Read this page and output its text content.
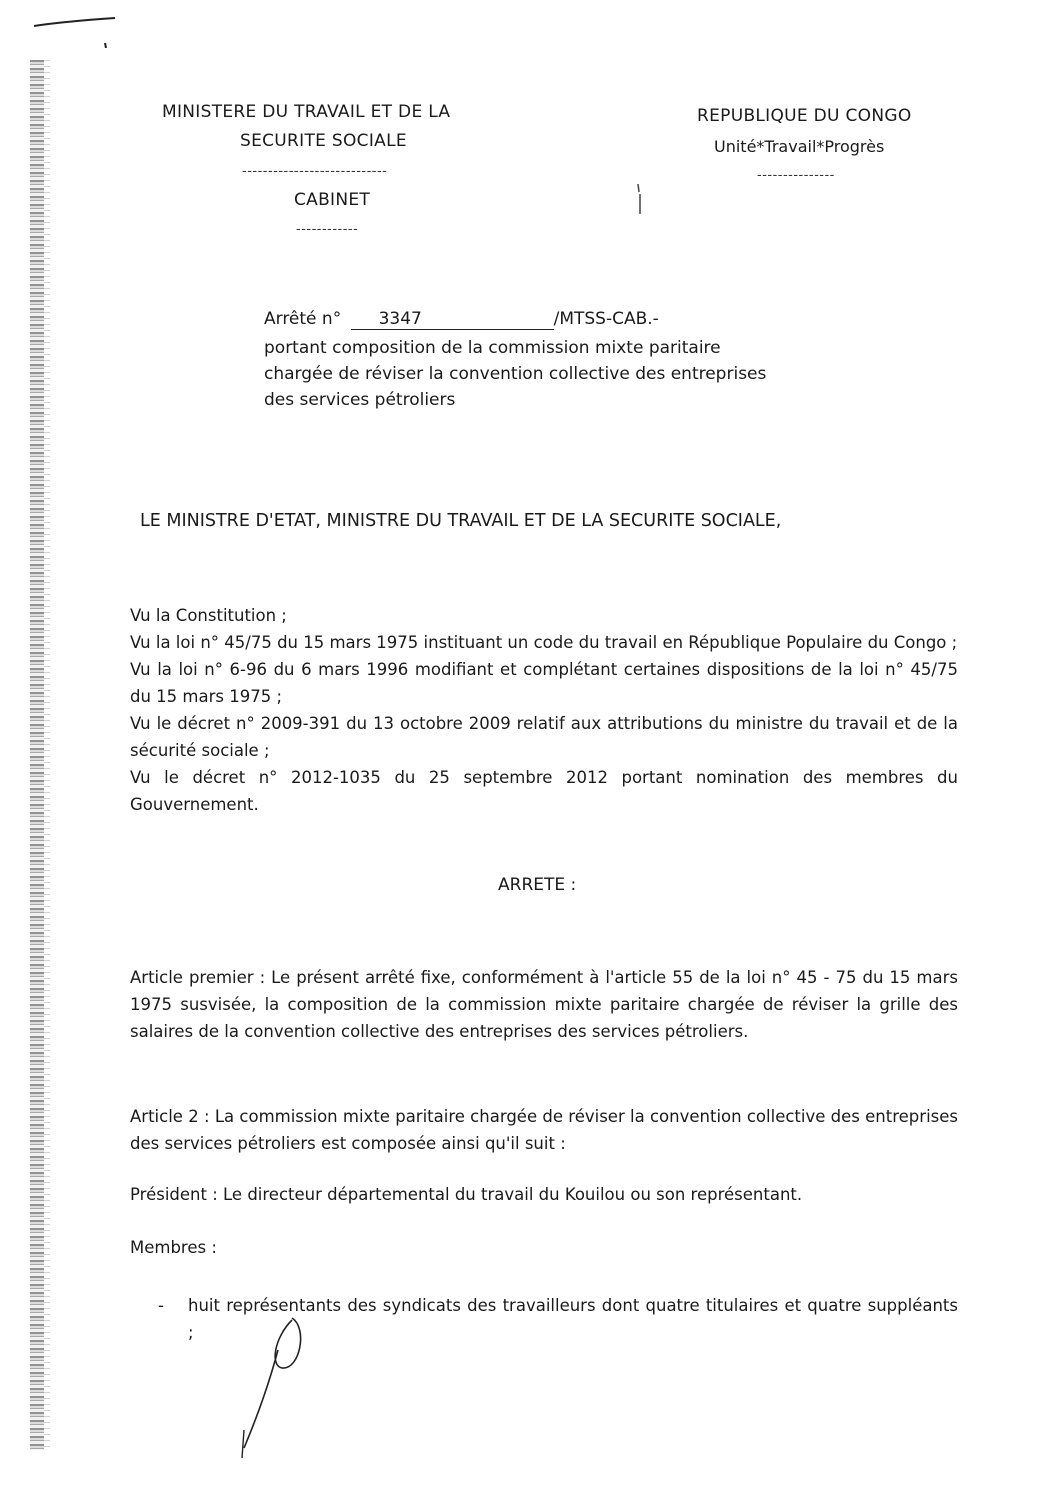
MINISTERE DU TRAVAIL ET DE LA
SECURITE SOCIALE
----------------------------
CABINET
------------
REPUBLIQUE DU CONGO
Unité*Travail*Progrès
---------------
Arrêté n° 3347	/MTSS-CAB.-
portant composition de la commission mixte paritaire
chargée de réviser la convention collective des entreprises
des services pétroliers
LE MINISTRE D'ETAT, MINISTRE DU TRAVAIL ET DE LA SECURITE SOCIALE,
Vu la Constitution ;
Vu la loi n° 45/75 du 15 mars 1975 instituant un code du travail en République Populaire du Congo ;
Vu la loi n° 6-96 du 6 mars 1996 modifiant et complétant certaines dispositions de la loi n° 45/75 du 15 mars 1975 ;
Vu le décret n° 2009-391 du 13 octobre 2009 relatif aux attributions du ministre du travail et de la sécurité sociale ;
Vu le décret n° 2012-1035 du 25 septembre 2012 portant nomination des membres du Gouvernement.
ARRETE :
Article premier : Le présent arrêté fixe, conformément à l'article 55 de la loi n° 45 - 75 du 15 mars 1975 susvisée, la composition de la commission mixte paritaire chargée de réviser la grille des salaires de la convention collective des entreprises des services pétroliers.
Article 2 : La commission mixte paritaire chargée de réviser la convention collective des entreprises des services pétroliers est composée ainsi qu'il suit :
Président : Le directeur départemental du travail du Kouilou ou son représentant.
Membres :
-	huit représentants des syndicats des travailleurs dont quatre titulaires et quatre suppléants ;
